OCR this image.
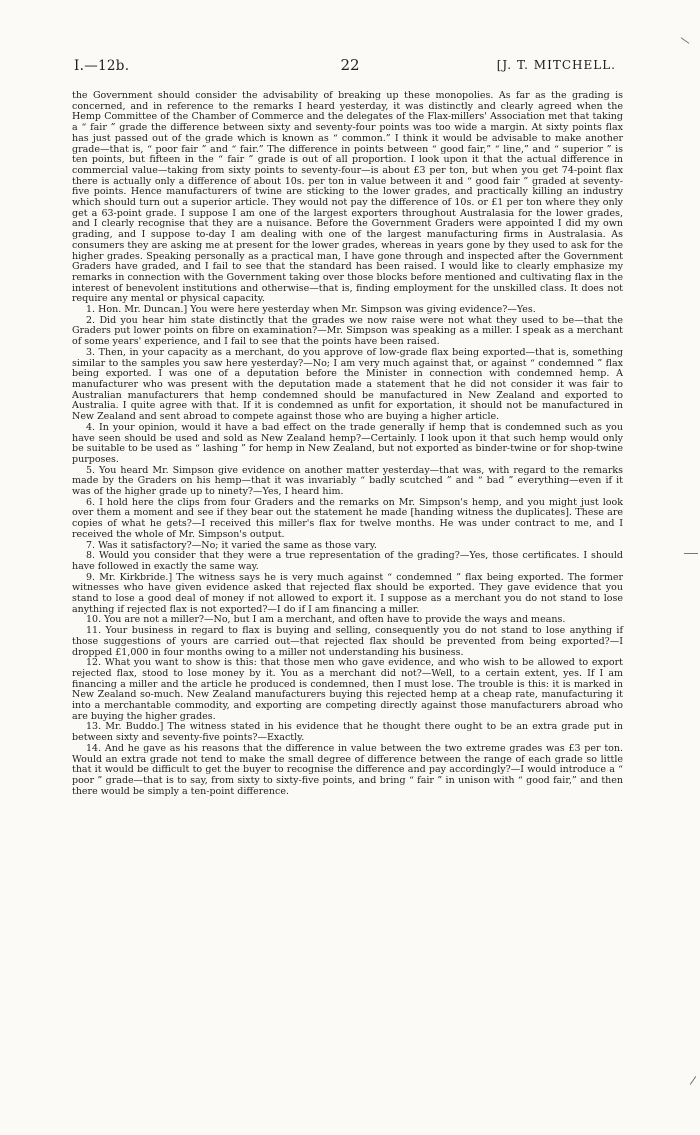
I.—12b.	22	[J. T. MITCHELL.

the Government should consider the advisability of breaking up these monopolies. As far as the grading is concerned, and in reference to the remarks I heard yesterday, it was distinctly and clearly agreed when the Hemp Committee of the Chamber of Commerce and the delegates of the Flax-millers' Association met that taking a “ fair ” grade the difference between sixty and seventy-four points was too wide a margin. At sixty points flax has just passed out of the grade which is known as “ common.” I think it would be advisable to make another grade—that is, “ poor fair ” and “ fair.” The difference in points between “ good fair,” “ line,” and “ superior ” is ten points, but fifteen in the “ fair ” grade is out of all proportion. I look upon it that the actual difference in commercial value—taking from sixty points to seventy-four—is about £3 per ton, but when you get 74-point flax there is actually only a difference of about 10s. per ton in value between it and “ good fair ” graded at seventy-five points. Hence manufacturers of twine are sticking to the lower grades, and practically killing an industry which should turn out a superior article. They would not pay the difference of 10s. or £1 per ton where they only get a 63-point grade. I suppose I am one of the largest exporters throughout Australasia for the lower grades, and I clearly recognise that they are a nuisance. Before the Government Graders were appointed I did my own grading, and I suppose to-day I am dealing with one of the largest manufacturing firms in Australasia. As consumers they are asking me at present for the lower grades, whereas in years gone by they used to ask for the higher grades. Speaking personally as a practical man, I have gone through and inspected after the Government Graders have graded, and I fail to see that the standard has been raised. I would like to clearly emphasize my remarks in connection with the Government taking over those blocks before mentioned and cultivating flax in the interest of benevolent institutions and otherwise—that is, finding employment for the unskilled class. It does not require any mental or physical capacity.

1. Hon. Mr. Duncan.] You were here yesterday when Mr. Simpson was giving evidence?—Yes.

2. Did you hear him state distinctly that the grades we now raise were not what they used to be—that the Graders put lower points on fibre on examination?—Mr. Simpson was speaking as a miller. I speak as a merchant of some years' experience, and I fail to see that the points have been raised.

3. Then, in your capacity as a merchant, do you approve of low-grade flax being exported—that is, something similar to the samples you saw here yesterday?—No; I am very much against that, or against “ condemned ” flax being exported. I was one of a deputation before the Minister in connection with condemned hemp. A manufacturer who was present with the deputation made a statement that he did not consider it was fair to Australian manufacturers that hemp condemned should be manufactured in New Zealand and exported to Australia. I quite agree with that. If it is condemned as unfit for exportation, it should not be manufactured in New Zealand and sent abroad to compete against those who are buying a higher article.

4. In your opinion, would it have a bad effect on the trade generally if hemp that is condemned such as you have seen should be used and sold as New Zealand hemp?—Certainly. I look upon it that such hemp would only be suitable to be used as “ lashing ” for hemp in New Zealand, but not exported as binder-twine or for shop-twine purposes.

5. You heard Mr. Simpson give evidence on another matter yesterday—that was, with regard to the remarks made by the Graders on his hemp—that it was invariably “ badly scutched ” and “ bad ” everything—even if it was of the higher grade up to ninety?—Yes, I heard him.

6. I hold here the clips from four Graders and the remarks on Mr. Simpson's hemp, and you might just look over them a moment and see if they bear out the statement he made [handing witness the duplicates]. These are copies of what he gets?—I received this miller's flax for twelve months. He was under contract to me, and I received the whole of Mr. Simpson's output.

7. Was it satisfactory?—No; it varied the same as those vary.

8. Would you consider that they were a true representation of the grading?—Yes, those certificates. I should have followed in exactly the same way.

9. Mr. Kirkbride.] The witness says he is very much against “ condemned ” flax being exported. The former witnesses who have given evidence asked that rejected flax should be exported. They gave evidence that you stand to lose a good deal of money if not allowed to export it. I suppose as a merchant you do not stand to lose anything if rejected flax is not exported?—I do if I am financing a miller.

10. You are not a miller?—No, but I am a merchant, and often have to provide the ways and means.

11. Your business in regard to flax is buying and selling, consequently you do not stand to lose anything if those suggestions of yours are carried out—that rejected flax should be prevented from being exported?—I dropped £1,000 in four months owing to a miller not understanding his business.

12. What you want to show is this: that those men who gave evidence, and who wish to be allowed to export rejected flax, stood to lose money by it. You as a merchant did not?—Well, to a certain extent, yes. If I am financing a miller and the article he produced is condemned, then I must lose. The trouble is this: it is marked in New Zealand so-much. New Zealand manufacturers buying this rejected hemp at a cheap rate, manufacturing it into a merchantable commodity, and exporting are competing directly against those manufacturers abroad who are buying the higher grades.

13. Mr. Buddo.] The witness stated in his evidence that he thought there ought to be an extra grade put in between sixty and seventy-five points?—Exactly.

14. And he gave as his reasons that the difference in value between the two extreme grades was £3 per ton. Would an extra grade not tend to make the small degree of difference between the range of each grade so little that it would be difficult to get the buyer to recognise the difference and pay accordingly?—I would introduce a “ poor ” grade—that is to say, from sixty to sixty-five points, and bring “ fair ” in unison with “ good fair,” and then there would be simply a ten-point difference.
